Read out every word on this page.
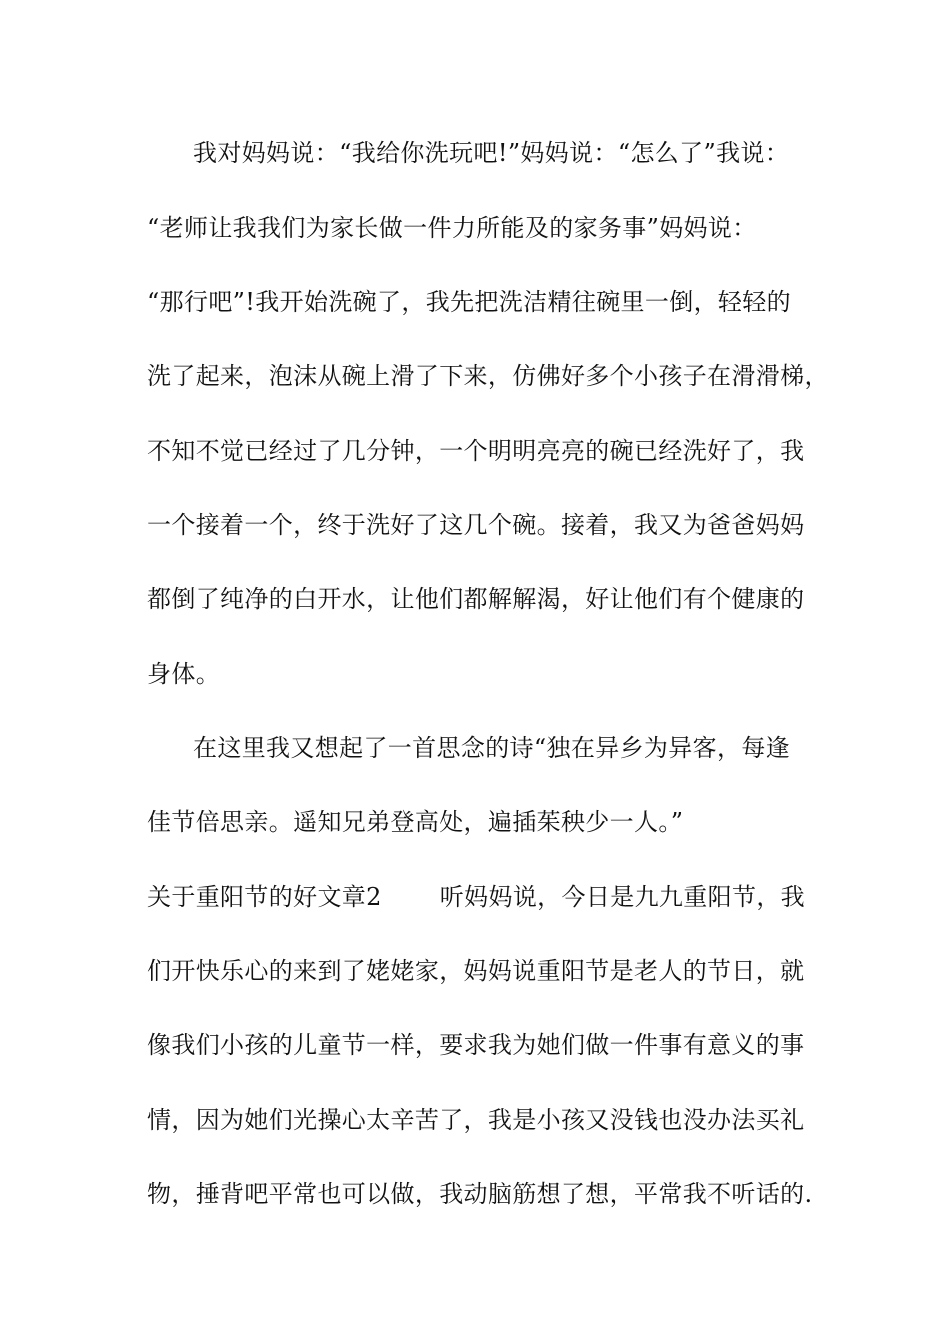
我对妈妈说：“我给你洗玩吧!”妈妈说：“怎么了”我说：
“老师让我我们为家长做一件力所能及的家务事”妈妈说：
“那行吧”!我开始洗碗了，我先把洗洁精往碗里一倒，轻轻的
洗了起来，泡沫从碗上滑了下来，仿佛好多个小孩子在滑滑梯，
不知不觉已经过了几分钟，一个明明亮亮的碗已经洗好了，我
一个接着一个，终于洗好了这几个碗。接着，我又为爸爸妈妈
都倒了纯净的白开水，让他们都解解渴，好让他们有个健康的
身体。
在这里我又想起了一首思念的诗“独在异乡为异客，每逢
佳节倍思亲。遥知兄弟登高处，遍插茱秧少一人。”
关于重阳节的好文章2 听妈妈说，今日是九九重阳节，我
们开快乐心的来到了姥姥家，妈妈说重阳节是老人的节日，就
像我们小孩的儿童节一样，要求我为她们做一件事有意义的事
情，因为她们光操心太辛苦了，我是小孩又没钱也没办法买礼
物，捶背吧平常也可以做，我动脑筋想了想，平常我不听话的.
